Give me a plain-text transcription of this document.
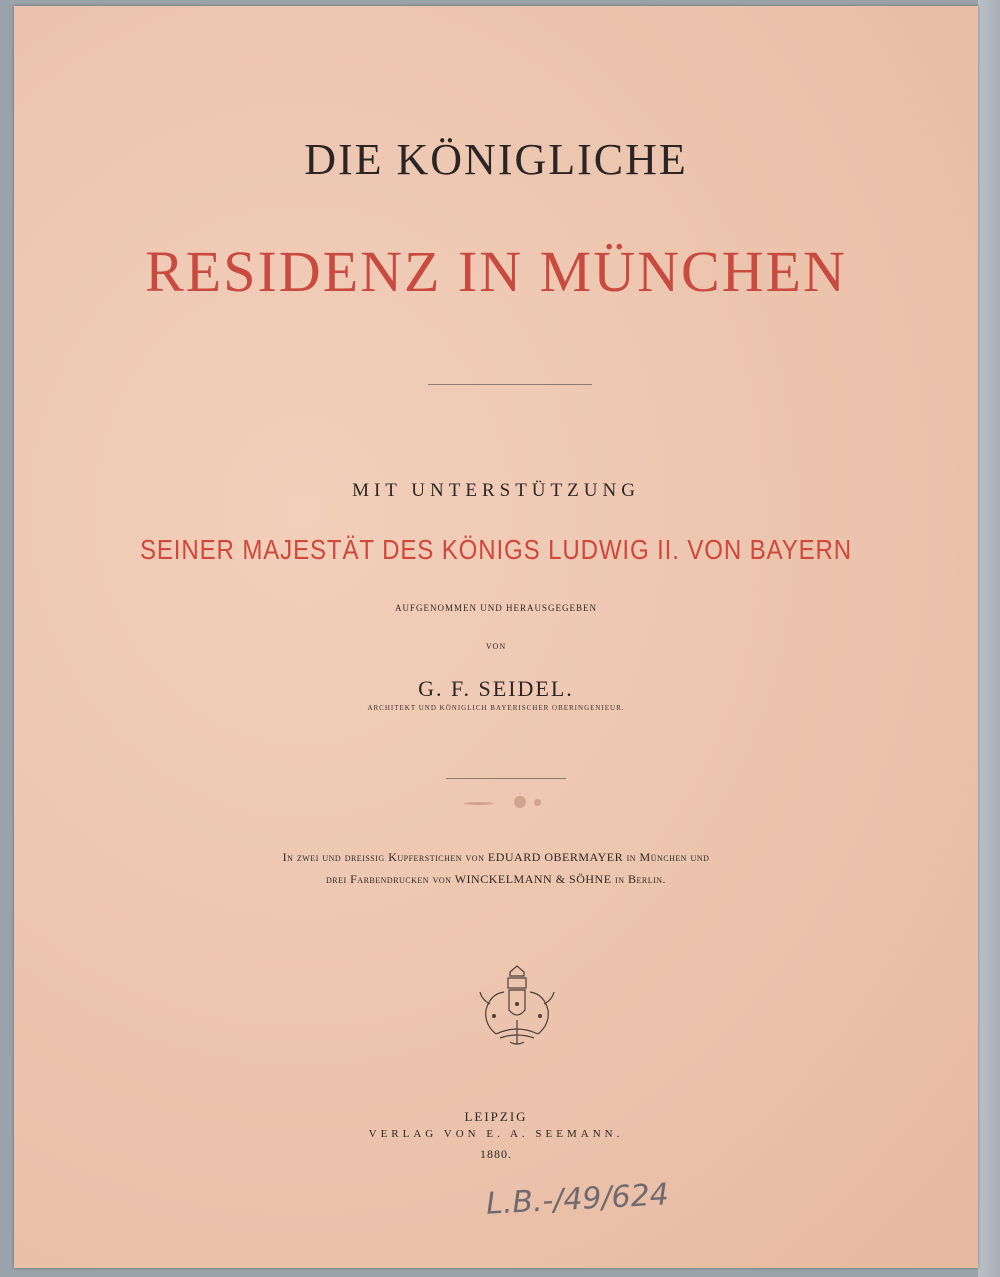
DIE KÖNIGLICHE
RESIDENZ IN MÜNCHEN
MIT UNTERSTÜTZUNG
SEINER MAJESTÄT DES KÖNIGS LUDWIG II. VON BAYERN
AUFGENOMMEN UND HERAUSGEGEBEN
VON
G. F. SEIDEL.
ARCHITEKT UND KÖNIGLICH BAYERISCHER OBERINGENIEUR.
In zwei und dreissig Kupferstichen von EDUARD OBERMAYER in München und
drei Farbendrucken von WINCKELMANN & SÖHNE in Berlin.
LEIPZIG
VERLAG VON E. A. SEEMANN.
1880.
L.B.-/49/624
